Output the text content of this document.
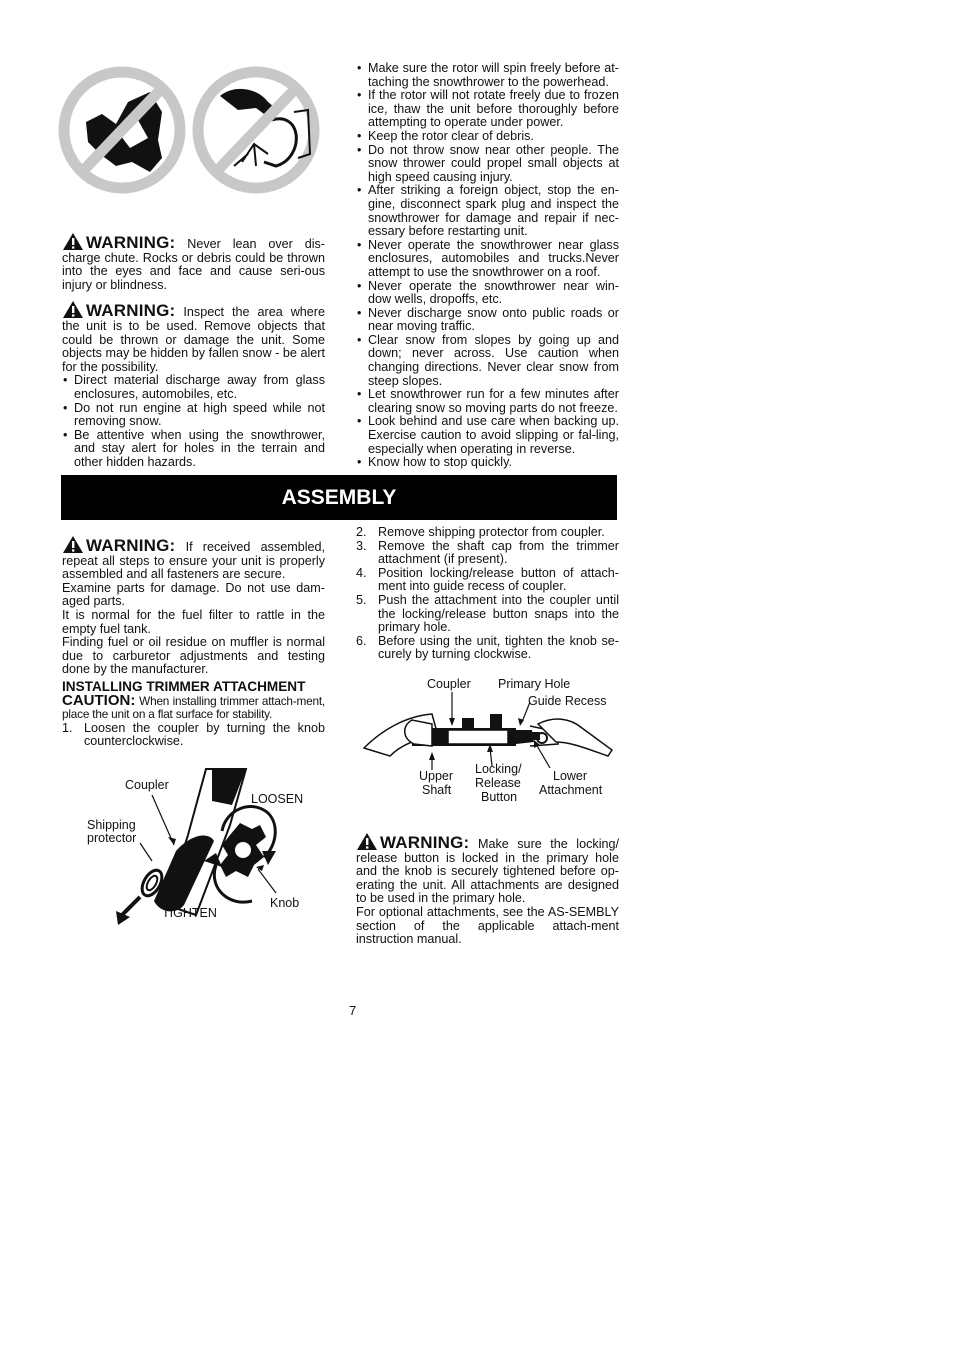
WARNING: Never lean over dis-charge chute. Rocks or debris could be thrown into the eyes and face and cause seri-ous injury or blindness.

WARNING: Inspect the area where the unit is to be used. Remove objects that could be thrown or damage the unit. Some objects may be hidden by fallen snow - be alert for the possibility.

• Direct material discharge away from glass enclosures, automobiles, etc.
• Do not run engine at high speed while not removing snow.
• Be attentive when using the snowthrower, and stay alert for holes in the terrain and other hidden hazards.
• Make sure the rotor will spin freely before at-taching the snowthrower to the powerhead.
• If the rotor will not rotate freely due to frozen ice, thaw the unit before thoroughly before attempting to operate under power.
• Keep the rotor clear of debris.
• Do not throw snow near other people. The snow thrower could propel small objects at high speed causing injury.
• After striking a foreign object, stop the en-gine, disconnect spark plug and inspect the snowthrower for damage and repair if nec-essary before restarting unit.
• Never operate the snowthrower near glass enclosures, automobiles and trucks.Never attempt to use the snowthrower on a roof.
• Never operate the snowthrower near win-dow wells, dropoffs, etc.
• Never discharge snow onto public roads or near moving traffic.
• Clear snow from slopes by going up and down; never across. Use caution when changing directions. Never clear snow from steep slopes.
• Let snowthrower run for a few minutes after clearing snow so moving parts do not freeze.
• Look behind and use care when backing up. Exercise caution to avoid slipping or fal-ling, especially when operating in reverse.
• Know how to stop quickly.
ASSEMBLY

WARNING: If received assembled, repeat all steps to ensure your unit is properly assembled and all fasteners are secure.

Examine parts for damage. Do not use dam-aged parts.

It is normal for the fuel filter to rattle in the empty fuel tank.

Finding fuel or oil residue on muffler is normal due to carburetor adjustments and testing done by the manufacturer.

INSTALLING TRIMMER ATTACHMENT

CAUTION: When installing trimmer attach-ment, place the unit on a flat surface for stability.

1. Loosen the coupler by turning the knob counterclockwise.
Coupler
LOOSEN
Shipping
protector
Knob
TIGHTEN
2. Remove shipping protector from coupler.
3. Remove the shaft cap from the trimmer attachment (if present).
4. Position locking/release button of attach-ment into guide recess of coupler.
5. Push the attachment into the coupler until the locking/release button snaps into the primary hole.
6. Before using the unit, tighten the knob se-curely by turning clockwise.

WARNING: Make sure the locking/ release button is locked in the primary hole and the knob is securely tightened before op-erating the unit. All attachments are designed to be used in the primary hole.

For optional attachments, see the AS-SEMBLY section of the applicable attach-ment instruction manual.

Coupler Primary Hole
Guide Recess
Upper
Shaft
Locking/
Release
Button
Lower
Attachment
7
